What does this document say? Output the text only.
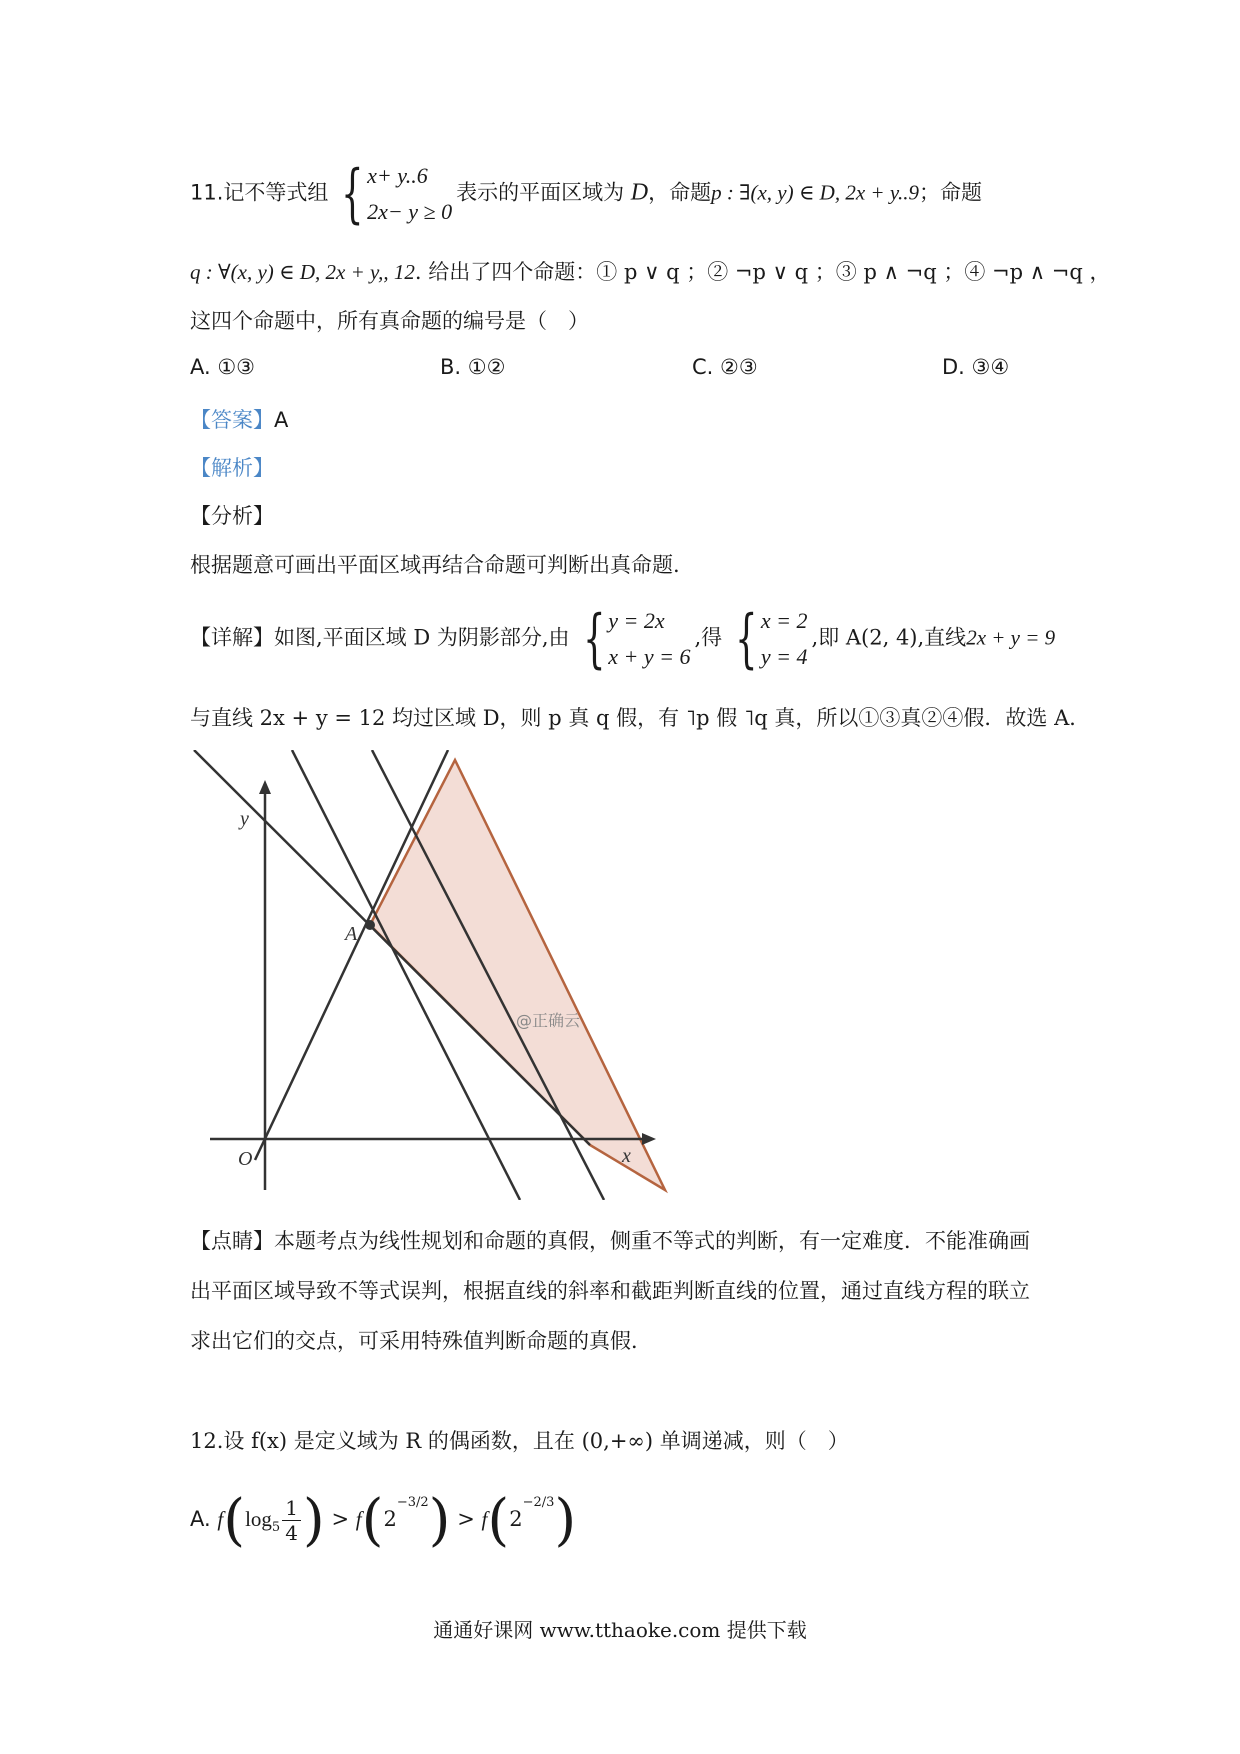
11.记不等式组 { x+ y..6
2x− y ≥ 0
表示的平面区域为 D，命题p : ∃(x, y) ∈ D, 2x + y..9；命题
q : ∀(x, y) ∈ D, 2x + y,, 12. 给出了四个命题：① p ∨ q ；② ¬p ∨ q ；③ p ∧ ¬q ；④ ¬p ∧ ¬q ，
这四个命题中，所有真命题的编号是（　）
A. ①③	B. ①②	C. ②③	D. ③④
【答案】A
【解析】
【分析】
根据题意可画出平面区域再结合命题可判断出真命题.
【详解】如图,平面区域 D 为阴影部分,由 { y = 2x
x + y = 6
,得 { x = 2
y = 4
,即 A(2, 4),直线2x + y = 9
与直线 2x + y = 12 均过区域 D，则 p 真 q 假，有 ˥p 假 ˥q 真，所以①③真②④假．故选 A．
A
y
x
O
@正确云
【点睛】本题考点为线性规划和命题的真假，侧重不等式的判断，有一定难度．不能准确画
出平面区域导致不等式误判，根据直线的斜率和截距判断直线的位置，通过直线方程的联立
求出它们的交点，可采用特殊值判断命题的真假．
12.设 f(x) 是定义域为 R 的偶函数，且在 (0,+∞) 单调递减，则（　）
A. $f(\log_5 \frac{1}{4}$ ) > $f(2^{-3/2}) > f(2^{-2/3})$
通通好课网 www.tthaoke.com 提供下载
